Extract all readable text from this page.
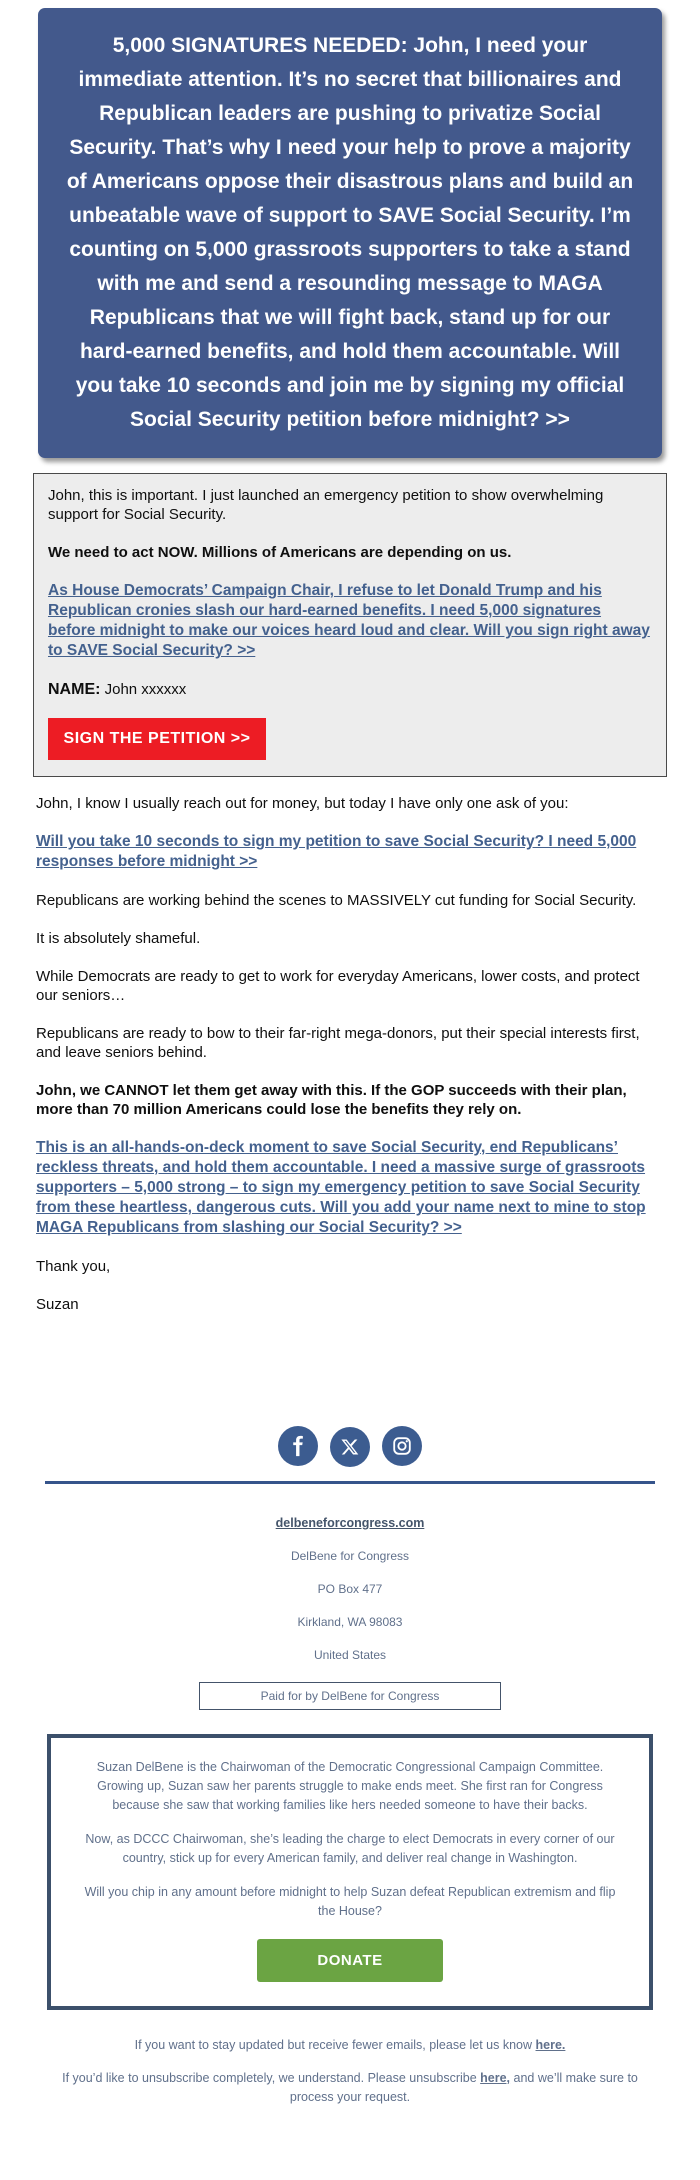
5,000 SIGNATURES NEEDED: John, I need your immediate attention. It’s no secret that billionaires and Republican leaders are pushing to privatize Social Security. That’s why I need your help to prove a majority of Americans oppose their disastrous plans and build an unbeatable wave of support to SAVE Social Security. I’m counting on 5,000 grassroots supporters to take a stand with me and send a resounding message to MAGA Republicans that we will fight back, stand up for our hard-earned benefits, and hold them accountable. Will you take 10 seconds and join me by signing my official Social Security petition before midnight? >>

John, this is important. I just launched an emergency petition to show overwhelming support for Social Security.

We need to act NOW. Millions of Americans are depending on us.

As House Democrats’ Campaign Chair, I refuse to let Donald Trump and his Republican cronies slash our hard-earned benefits. I need 5,000 signatures before midnight to make our voices heard loud and clear. Will you sign right away to SAVE Social Security? >>

NAME: John xxxxxx

SIGN THE PETITION >>

John, I know I usually reach out for money, but today I have only one ask of you:

Will you take 10 seconds to sign my petition to save Social Security? I need 5,000 responses before midnight >>

Republicans are working behind the scenes to MASSIVELY cut funding for Social Security.

It is absolutely shameful.

While Democrats are ready to get to work for everyday Americans, lower costs, and protect our seniors…

Republicans are ready to bow to their far-right mega-donors, put their special interests first, and leave seniors behind.

John, we CANNOT let them get away with this. If the GOP succeeds with their plan, more than 70 million Americans could lose the benefits they rely on.

This is an all-hands-on-deck moment to save Social Security, end Republicans’ reckless threats, and hold them accountable. I need a massive surge of grassroots supporters – 5,000 strong – to sign my emergency petition to save Social Security from these heartless, dangerous cuts. Will you add your name next to mine to stop MAGA Republicans from slashing our Social Security? >>

Thank you,

Suzan

delbeneforcongress.com
DelBene for Congress
PO Box 477
Kirkland, WA 98083
United States
Paid for by DelBene for Congress

Suzan DelBene is the Chairwoman of the Democratic Congressional Campaign Committee. Growing up, Suzan saw her parents struggle to make ends meet. She first ran for Congress because she saw that working families like hers needed someone to have their backs.

Now, as DCCC Chairwoman, she’s leading the charge to elect Democrats in every corner of our country, stick up for every American family, and deliver real change in Washington.

Will you chip in any amount before midnight to help Suzan defeat Republican extremism and flip the House?

DONATE

If you want to stay updated but receive fewer emails, please let us know here.

If you’d like to unsubscribe completely, we understand. Please unsubscribe here, and we’ll make sure to process your request.
